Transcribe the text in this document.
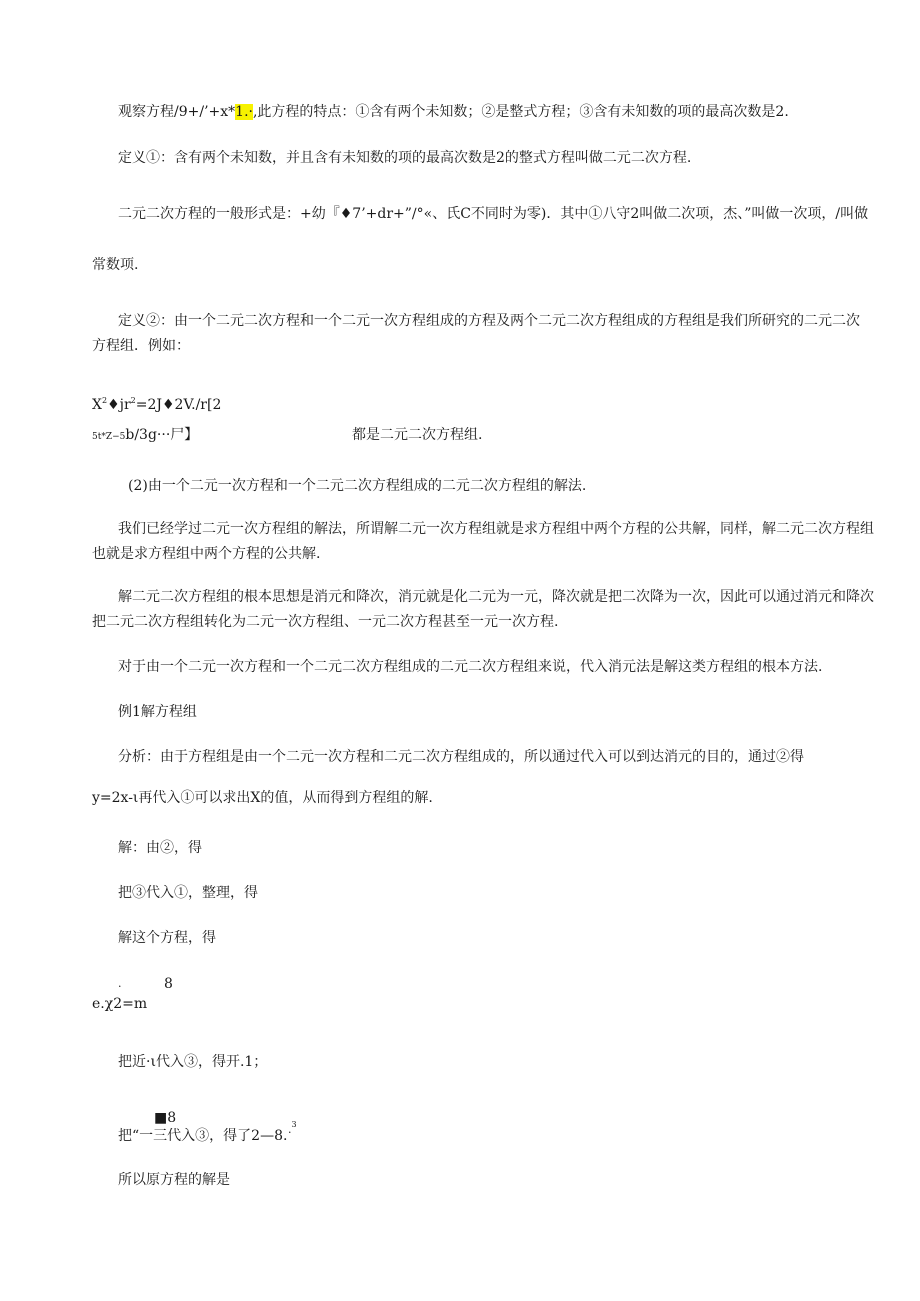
观察方程/9+/’+x*1.·,此方程的特点：①含有两个未知数；②是整式方程；③含有未知数的项的最高次数是2.

定义①：含有两个未知数，并且含有未知数的项的最高次数是2的整式方程叫做二元二次方程.

二元二次方程的一般形式是：+幼『♦7’+dr+”∕°«、氏C不同时为零)．其中①八守2叫做二次项，杰、”叫做一次项，/叫做

常数项.

定义②：由一个二元二次方程和一个二元一次方程组成的方程及两个二元二次方程组成的方程组是我们所研究的二元二次

方程组．例如：

$X^2♦jr^2=2J♦2V./r[2$

5t*Z−5b∕3g···尸】	都是二元二次方程组.

(2)由一个二元一次方程和一个二元二次方程组成的二元二次方程组的解法.

我们已经学过二元一次方程组的解法，所谓解二元一次方程组就是求方程组中两个方程的公共解，同样，解二元二次方程组

也就是求方程组中两个方程的公共解.

解二元二次方程组的根本思想是消元和降次，消元就是化二元为一元，降次就是把二次降为一次，因此可以通过消元和降次

把二元二次方程组转化为二元一次方程组、一元二次方程甚至一元一次方程.

对于由一个二元一次方程和一个二元二次方程组成的二元二次方程组来说，代入消元法是解这类方程组的根本方法.

例1解方程组

分析：由于方程组是由一个二元一次方程和二元二次方程组成的，所以通过代入可以到达消元的目的，通过②得

y=2x-ι再代入①可以求出X的值，从而得到方程组的解.

解：由②，得

把③代入①，整理，得

解这个方程，得

.	8

e.χ2=m

把近·ι代入③，得开.1；

■8

.$^3$

把“一三代入③，得了2—8.

所以原方程的解是
